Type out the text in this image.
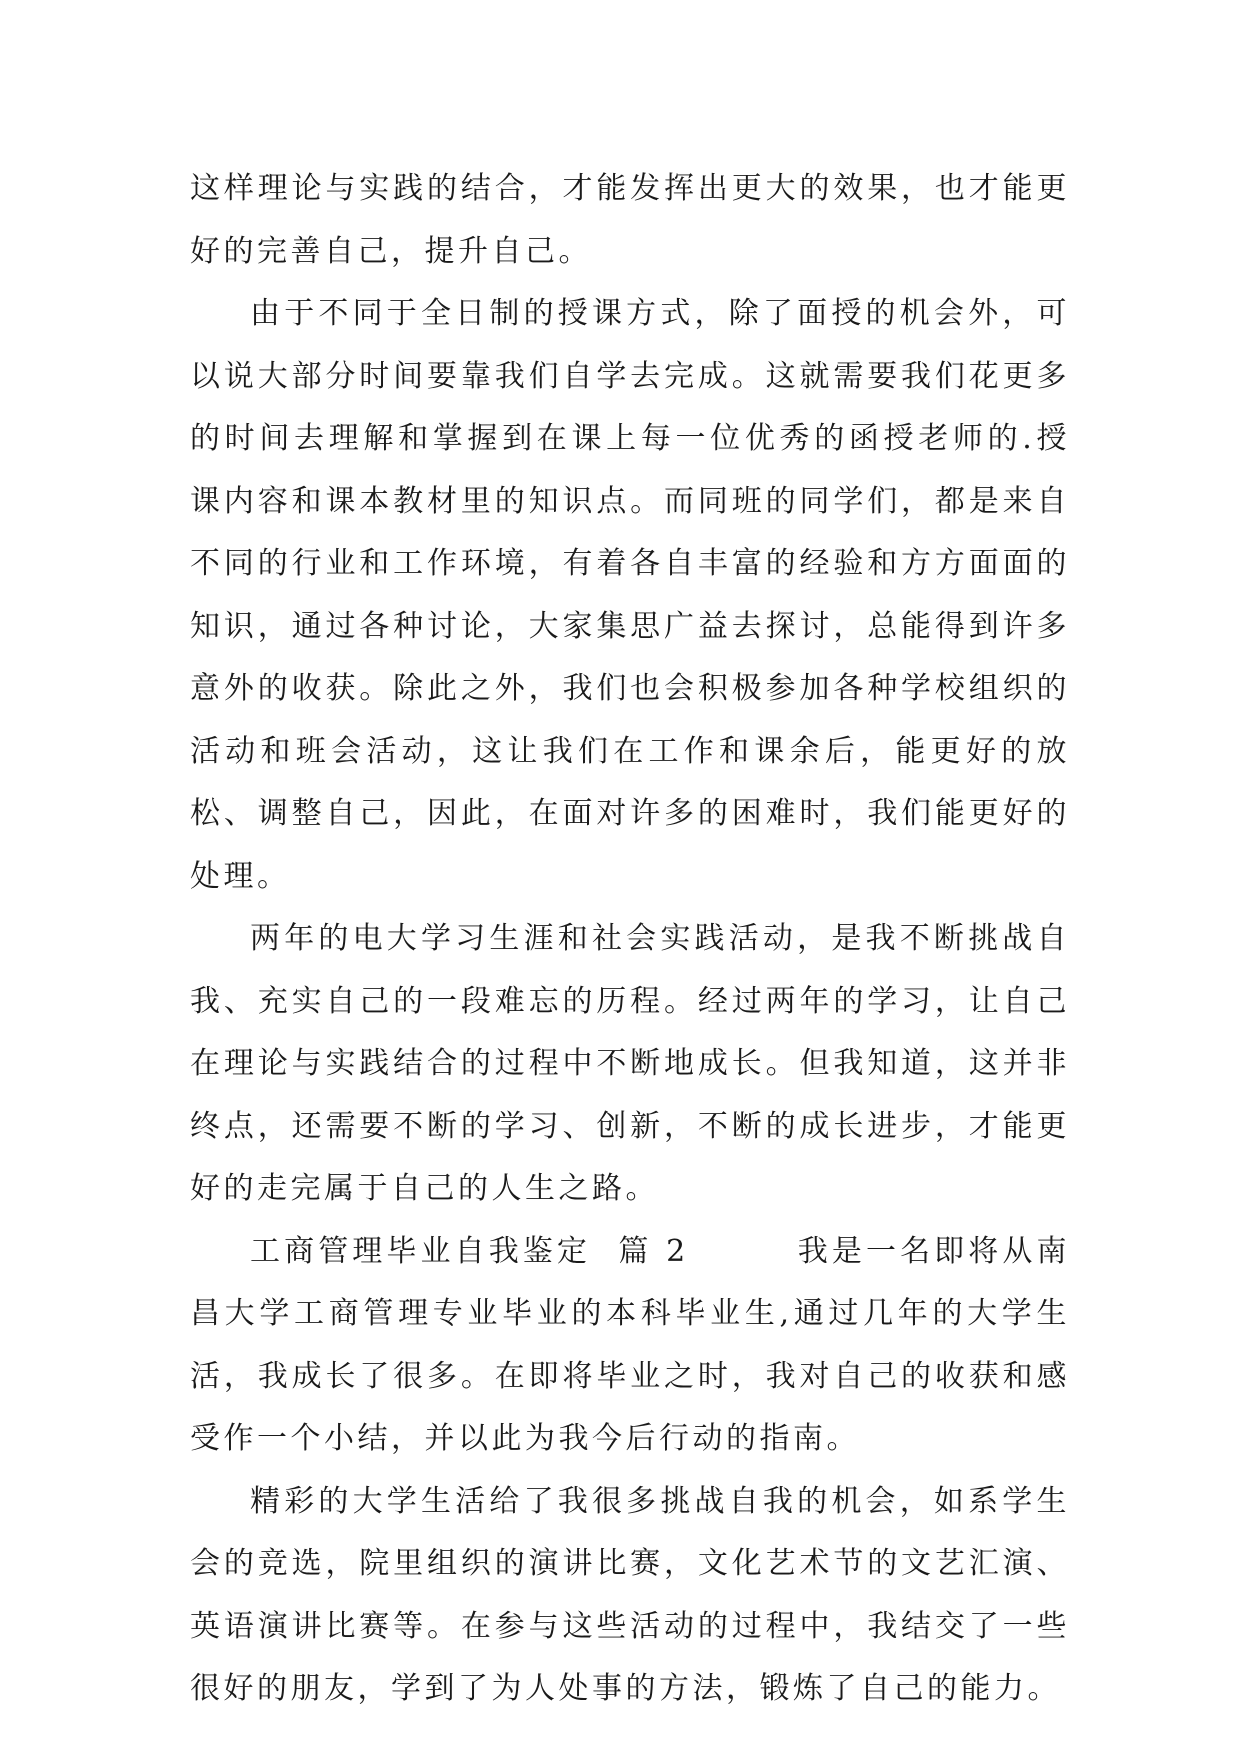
这样理论与实践的结合，才能发挥出更大的效果，也才能更好的完善自己，提升自己。

由于不同于全日制的授课方式，除了面授的机会外，可以说大部分时间要靠我们自学去完成。这就需要我们花更多的时间去理解和掌握到在课上每一位优秀的函授老师的.授课内容和课本教材里的知识点。而同班的同学们，都是来自不同的行业和工作环境，有着各自丰富的经验和方方面面的知识，通过各种讨论，大家集思广益去探讨，总能得到许多意外的收获。除此之外，我们也会积极参加各种学校组织的活动和班会活动，这让我们在工作和课余后，能更好的放松、调整自己，因此，在面对许多的困难时，我们能更好的处理。

两年的电大学习生涯和社会实践活动，是我不断挑战自我、充实自己的一段难忘的历程。经过两年的学习，让自己在理论与实践结合的过程中不断地成长。但我知道，这并非终点，还需要不断的学习、创新，不断的成长进步，才能更好的走完属于自己的人生之路。

工商管理毕业自我鉴定  篇 2        我是一名即将从南昌大学工商管理专业毕业的本科毕业生,通过几年的大学生活，我成长了很多。在即将毕业之时，我对自己的收获和感受作一个小结，并以此为我今后行动的指南。

精彩的大学生活给了我很多挑战自我的机会，如系学生会的竞选，院里组织的演讲比赛，文化艺术节的文艺汇演、英语演讲比赛等。在参与这些活动的过程中，我结交了一些很好的朋友，学到了为人处事的方法，锻炼了自己的能力。
